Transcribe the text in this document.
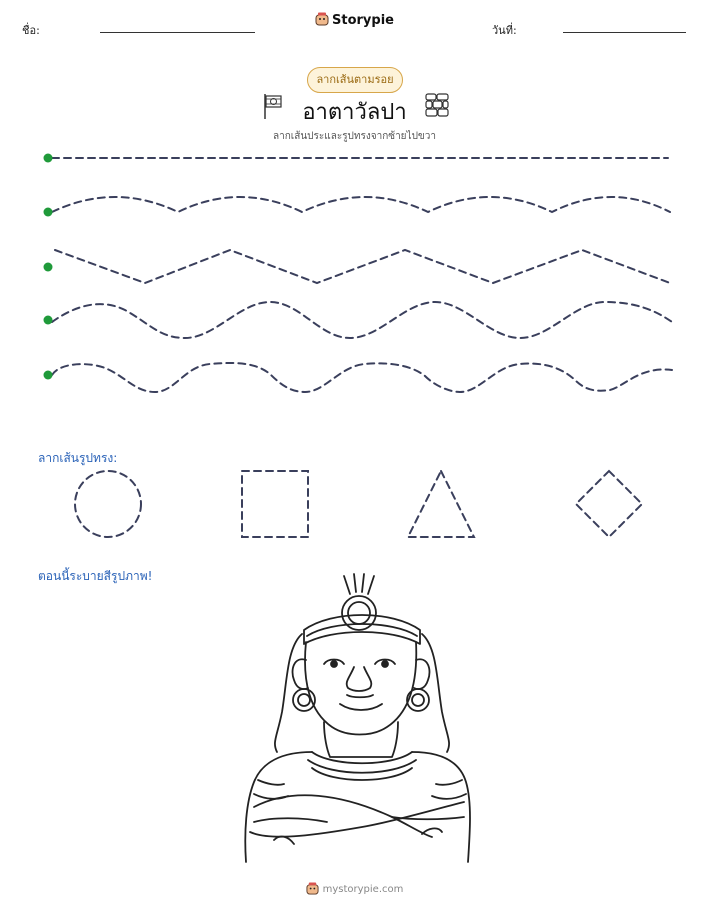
ชื่อ:
Storypie
วันที่:
ลากเส้นตามรอย
อาตาวัลปา
ลากเส้นประและรูปทรงจากซ้ายไปขวา
ลากเส้นรูปทรง:
ตอนนี้ระบายสีรูปภาพ!
mystorypie.com
